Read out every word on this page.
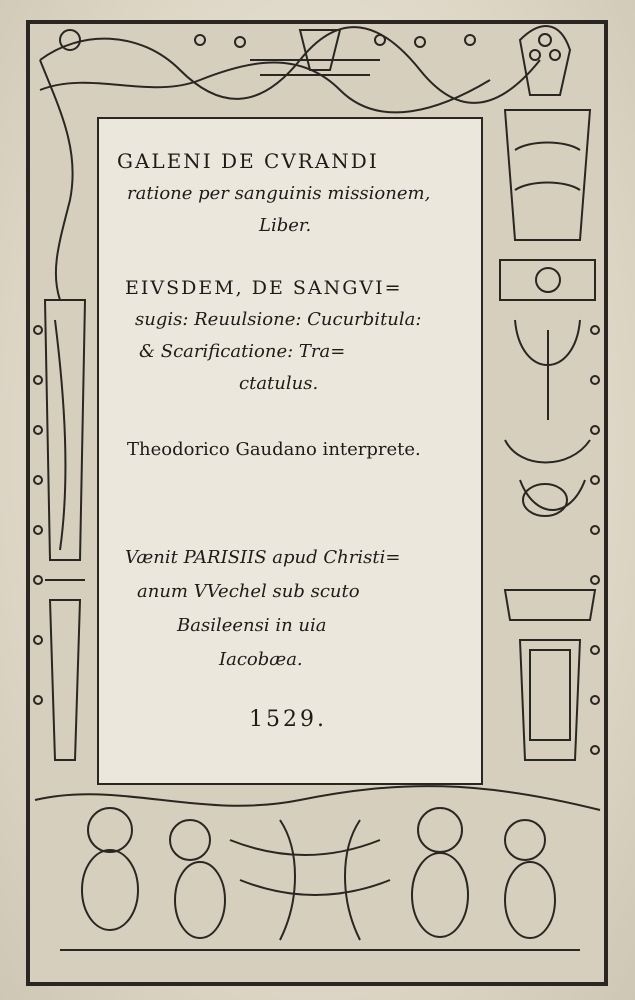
GALENI DE CVRANDI
ratione per sanguinis missionem,
Liber.
EIVSDEM, DE SANGVI=
sugis: Reuulsione: Cucurbitula:
& Scarificatione: Tra=
ctatulus.
Theodorico Gaudano interprete.
Vænit PARISIIS apud Christi=
anum VVechel sub scuto
Basileensi in uia
Iacobæa.
1529.
